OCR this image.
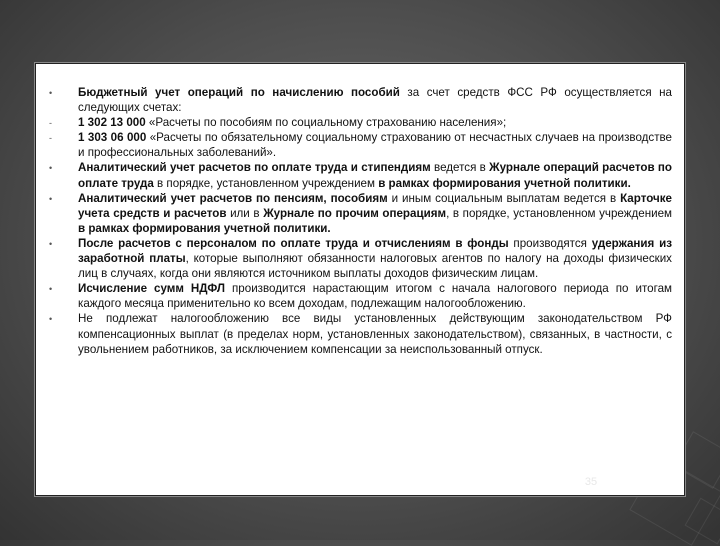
•
-
-
•
•
•
•
•

Бюджетный учет операций по начислению пособий за счет средств ФСС РФ осуществляется на следующих счетах:

1 302 13 000 «Расчеты по пособиям по социальному страхованию населения»;

1 303 06 000 «Расчеты по обязательному социальному страхованию от несчастных случаев на производстве и профессиональных заболеваний».

Аналитический учет расчетов по оплате труда и стипендиям ведется в Журнале операций расчетов по оплате труда в порядке, установленном учреждением в рамках формирования учетной политики.

Аналитический учет расчетов по пенсиям, пособиям и иным социальным выплатам ведется в Карточке учета средств и расчетов или в Журнале по прочим операциям, в порядке, установленном учреждением в рамках формирования учетной политики.

После расчетов с персоналом по оплате труда и отчислениям в фонды производятся удержания из заработной платы, которые выполняют обязанности налоговых агентов по налогу на доходы физических лиц в случаях, когда они являются источником выплаты доходов физическим лицам.

Исчисление сумм НДФЛ производится нарастающим итогом с начала налогового периода по итогам каждого месяца применительно ко всем доходам, подлежащим налогообложению.

Не подлежат налогообложению все виды установленных действующим законодательством РФ компенсационных выплат (в пределах норм, установленных законодательством), связанных, в частности, с увольнением работников, за исключением компенсации за неиспользованный отпуск.

35
